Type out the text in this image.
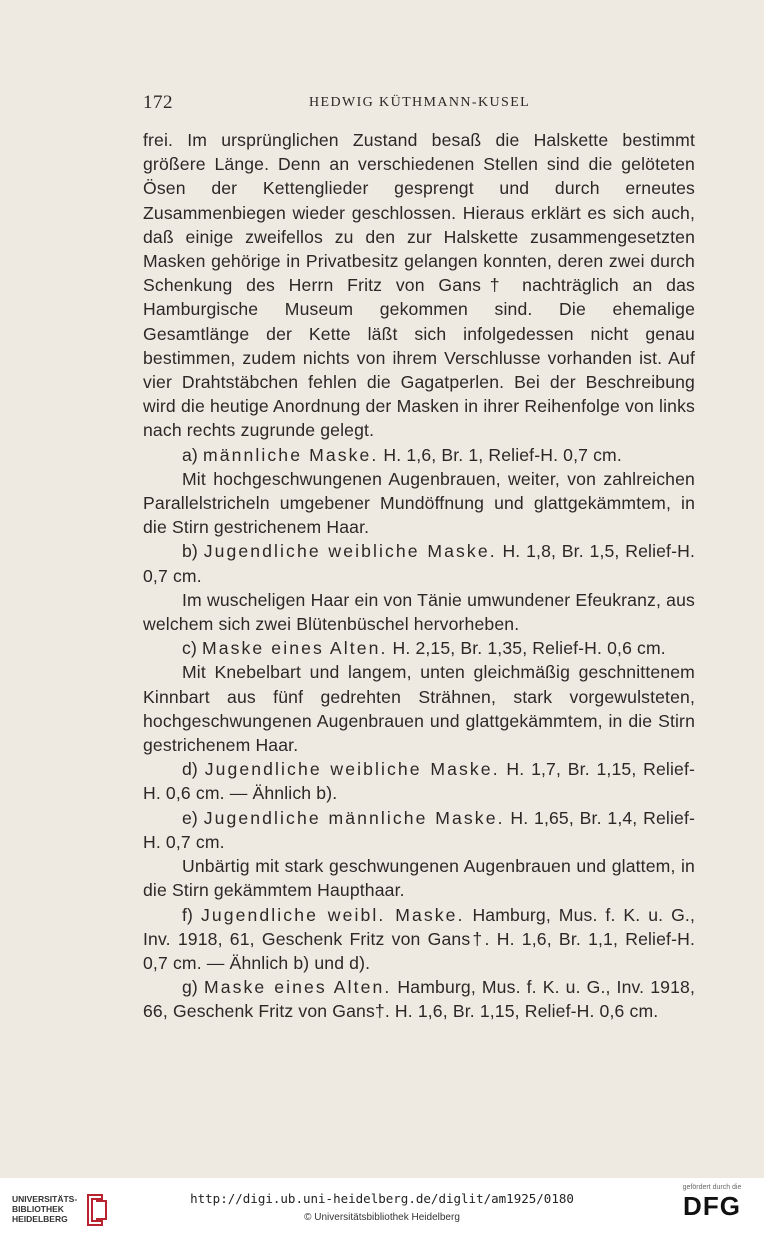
172	HEDWIG KÜTHMANN-KUSEL
frei. Im ursprünglichen Zustand besaß die Halskette bestimmt größere Länge. Denn an verschiedenen Stellen sind die gelöteten Ösen der Kettenglieder gesprengt und durch erneutes Zusammenbiegen wieder geschlossen. Hieraus erklärt es sich auch, daß einige zweifellos zu den zur Halskette zusammengesetzten Masken gehörige in Privatbesitz gelangen konnten, deren zwei durch Schenkung des Herrn Fritz von Gans† nachträglich an das Hamburgische Museum gekommen sind. Die ehemalige Gesamtlänge der Kette läßt sich infolgedessen nicht genau bestimmen, zudem nichts von ihrem Verschlusse vorhanden ist. Auf vier Drahtstäbchen fehlen die Gagatperlen. Bei der Beschreibung wird die heutige Anordnung der Masken in ihrer Reihenfolge von links nach rechts zugrunde gelegt.
a) männliche Maske. H. 1,6, Br. 1, Relief-H. 0,7 cm.
Mit hochgeschwungenen Augenbrauen, weiter, von zahlreichen Parallelstricheln umgebener Mundöffnung und glattgekämmtem, in die Stirn gestrichenem Haar.
b) Jugendliche weibliche Maske. H. 1,8, Br. 1,5, Relief-H. 0,7 cm.
Im wuscheligen Haar ein von Tänie umwundener Efeukranz, aus welchem sich zwei Blütenbüschel hervorheben.
c) Maske eines Alten. H. 2,15, Br. 1,35, Relief-H. 0,6 cm.
Mit Knebelbart und langem, unten gleichmäßig geschnittenem Kinnbart aus fünf gedrehten Strähnen, stark vorgewulsteten, hochgeschwungenen Augenbrauen und glattgekämmtem, in die Stirn gestrichenem Haar.
d) Jugendliche weibliche Maske. H. 1,7, Br. 1,15, Relief-H. 0,6 cm. — Ähnlich b).
e) Jugendliche männliche Maske. H. 1,65, Br. 1,4, Relief-H. 0,7 cm.
Unbärtig mit stark geschwungenen Augenbrauen und glattem, in die Stirn gekämmtem Haupthaar.
f) Jugendliche weibl. Maske. Hamburg, Mus. f. K. u. G., Inv. 1918, 61, Geschenk Fritz von Gans†. H. 1,6, Br. 1,1, Relief-H. 0,7 cm. — Ähnlich b) und d).
g) Maske eines Alten. Hamburg, Mus. f. K. u. G., Inv. 1918, 66, Geschenk Fritz von Gans†. H. 1,6, Br. 1,15, Relief-H. 0,6 cm.
UNIVERSITÄTS-BIBLIOTHEK HEIDELBERG
http://digi.ub.uni-heidelberg.de/diglit/am1925/0180
© Universitätsbibliothek Heidelberg
gefördert durch die
DFG
